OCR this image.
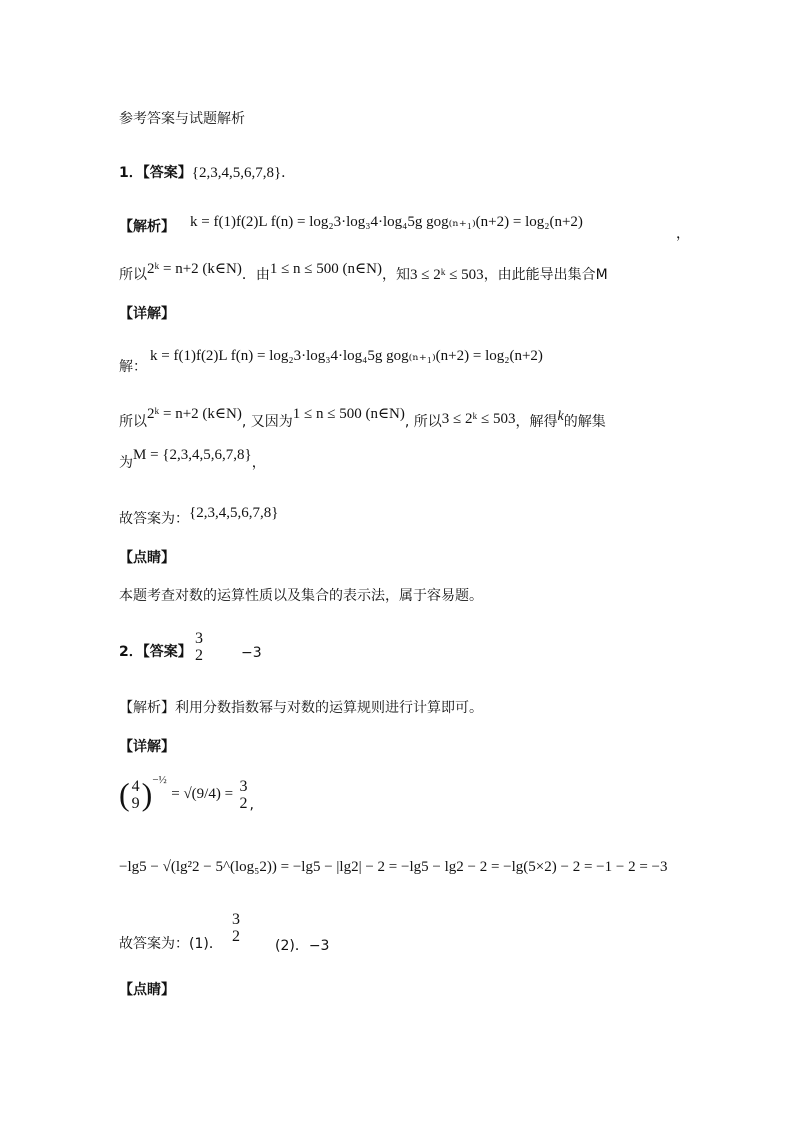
参考答案与试题解析
1．【答案】{2,3,4,5,6,7,8}．
【解析】 k = f(1)f(2)L f(n) = log₂3·log₃4·log₄5g gog₍ₙ₊₁₎(n+2) = log₂(n+2)
，
所以2ᵏ = n+2 (k∈N)．由1 ≤ n ≤ 500 (n∈N)，知3 ≤ 2ᵏ ≤ 503，由此能导出集合M
【详解】
解：
k = f(1)f(2)L f(n) = log₂3·log₃4·log₄5g gog₍ₙ₊₁₎(n+2) = log₂(n+2)
所以2ᵏ = n+2 (k∈N), 又因为1 ≤ n ≤ 500 (n∈N), 所以3 ≤ 2ᵏ ≤ 503，解得k的解集
为M = {2,3,4,5,6,7,8}，
故答案为：{2,3,4,5,6,7,8}
【点睛】
本题考查对数的运算性质以及集合的表示法，属于容易题。
2．【答案】
3
2	−3
【解析】利用分数指数幂与对数的运算规则进行计算即可。
【详解】
( 4
9 )$^{-\frac{1}{2}}$ = √(9/4) = 3
2 ,
−lg5 − √(lg²2 − 5^(log₅2)) = −lg5 − |lg2| − 2 = −lg5 − lg2 − 2 = −lg(5×2) − 2 = −1 − 2 = −3
故答案为：(1)．
3
2
(2)．−3
【点睛】
